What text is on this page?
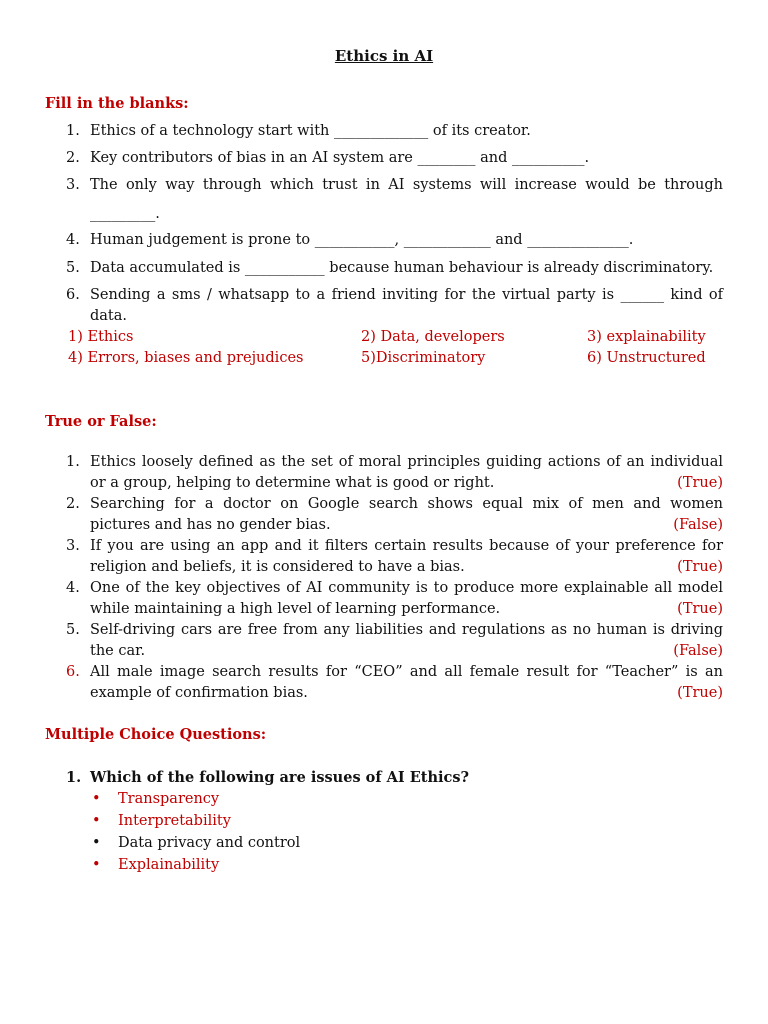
Ethics in AI
Fill in the blanks:
1. Ethics of a technology start with _____________ of its creator.
2. Key contributors of bias in an AI system are ________ and __________.
3. The only way through which trust in AI systems will increase would be through
_________.
4. Human judgement is prone to ___________, ____________ and ______________.
5. Data accumulated is ___________ because human behaviour is already discriminatory.
6. Sending a sms / whatsapp to a friend inviting for the virtual party is ______ kind of data.
1) Ethics	2) Data, developers	3) explainability
4) Errors, biases and prejudices	5)Discriminatory	6) Unstructured
True or False:
1. Ethics loosely defined as the set of moral principles guiding actions of an individual or a group, helping to determine what is good or right.	(True)
2. Searching for a doctor on Google search shows equal mix of men and women pictures and has no gender bias.	(False)
3. If you are using an app and it filters certain results because of your preference for religion and beliefs, it is considered to have a bias.	(True)
4. One of the key objectives of AI community is to produce more explainable all model while maintaining a high level of learning performance.	(True)
5. Self-driving cars are free from any liabilities and regulations as no human is driving the car.	(False)
6. All male image search results for “CEO” and all female result for “Teacher” is an example of confirmation bias.	(True)
Multiple Choice Questions:
1. Which of the following are issues of AI Ethics?
• Transparency
• Interpretability
• Data privacy and control
• Explainability
